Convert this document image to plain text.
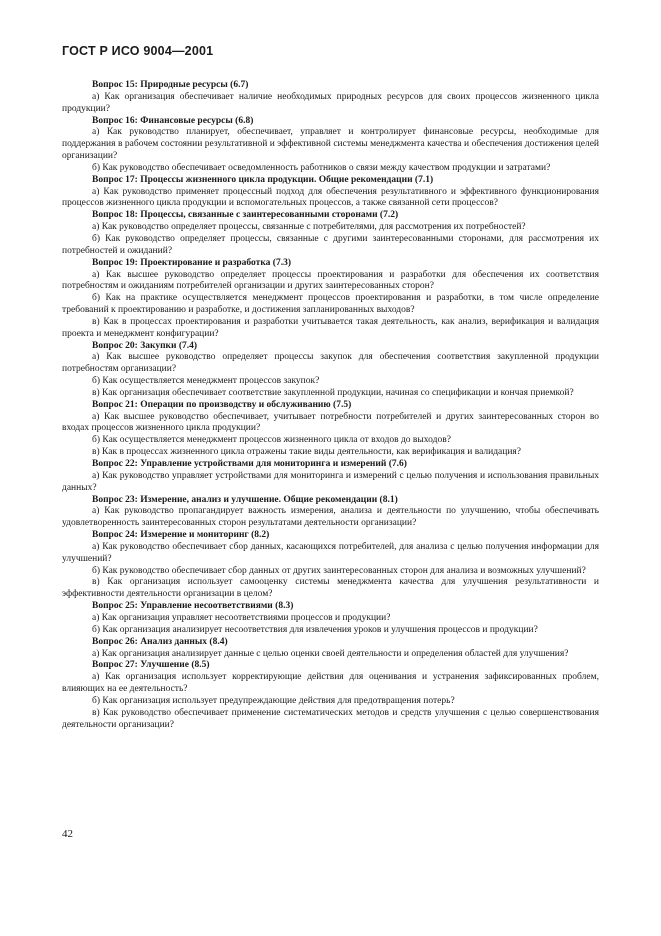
ГОСТ Р ИСО 9004—2001

Вопрос 15: Природные ресурсы (6.7)

а) Как организация обеспечивает наличие необходимых природных ресурсов для своих процессов жизненного цикла продукции?

Вопрос 16: Финансовые ресурсы (6.8)

а) Как руководство планирует, обеспечивает, управляет и контролирует финансовые ресурсы, необходимые для поддержания в рабочем состоянии результативной и эффективной системы менеджмента качества и обеспечения достижения целей организации?

б) Как руководство обеспечивает осведомленность работников о связи между качеством продукции и затратами?

Вопрос 17: Процессы жизненного цикла продукции. Общие рекомендации (7.1)

а) Как руководство применяет процессный подход для обеспечения результативного и эффективного функционирования процессов жизненного цикла продукции и вспомогательных процессов, а также связанной сети процессов?

Вопрос 18: Процессы, связанные с заинтересованными сторонами (7.2)

а) Как руководство определяет процессы, связанные с потребителями, для рассмотрения их потребностей?

б) Как руководство определяет процессы, связанные с другими заинтересованными сторонами, для рассмотрения их потребностей и ожиданий?

Вопрос 19: Проектирование и разработка (7.3)

а) Как высшее руководство определяет процессы проектирования и разработки для обеспечения их соответствия потребностям и ожиданиям потребителей организации и других заинтересованных сторон?

б) Как на практике осуществляется менеджмент процессов проектирования и разработки, в том числе определение требований к проектированию и разработке, и достижения запланированных выходов?

в) Как в процессах проектирования и разработки учитывается такая деятельность, как анализ, верификация и валидация проекта и менеджмент конфигурации?

Вопрос 20: Закупки (7.4)

а) Как высшее руководство определяет процессы закупок для обеспечения соответствия закупленной продукции потребностям организации?

б) Как осуществляется менеджмент процессов закупок?

в) Как организация обеспечивает соответствие закупленной продукции, начиная со спецификации и кончая приемкой?

Вопрос 21: Операции по производству и обслуживанию (7.5)

а) Как высшее руководство обеспечивает, учитывает потребности потребителей и других заинтересованных сторон во входах процессов жизненного цикла продукции?

б) Как осуществляется менеджмент процессов жизненного цикла от входов до выходов?

в) Как в процессах жизненного цикла отражены такие виды деятельности, как верификация и валидация?

Вопрос 22: Управление устройствами для мониторинга и измерений (7.6)

а) Как руководство управляет устройствами для мониторинга и измерений с целью получения и использования правильных данных?

Вопрос 23: Измерение, анализ и улучшение. Общие рекомендации (8.1)

а) Как руководство пропагандирует важность измерения, анализа и деятельности по улучшению, чтобы обеспечивать удовлетворенность заинтересованных сторон результатами деятельности организации?

Вопрос 24: Измерение и мониторинг (8.2)

а) Как руководство обеспечивает сбор данных, касающихся потребителей, для анализа с целью получения информации для улучшений?

б) Как руководство обеспечивает сбор данных от других заинтересованных сторон для анализа и возможных улучшений?

в) Как организация использует самооценку системы менеджмента качества для улучшения результативности и эффективности деятельности организации в целом?

Вопрос 25: Управление несоответствиями (8.3)

а) Как организация управляет несоответствиями процессов и продукции?

б) Как организация анализирует несоответствия для извлечения уроков и улучшения процессов и продукции?

Вопрос 26: Анализ данных (8.4)

а) Как организация анализирует данные с целью оценки своей деятельности и определения областей для улучшения?

Вопрос 27: Улучшение (8.5)

а) Как организация использует корректирующие действия для оценивания и устранения зафиксированных проблем, влияющих на ее деятельность?

б) Как организация использует предупреждающие действия для предотвращения потерь?

в) Как руководство обеспечивает применение систематических методов и средств улучшения с целью совершенствования деятельности организации?

42
